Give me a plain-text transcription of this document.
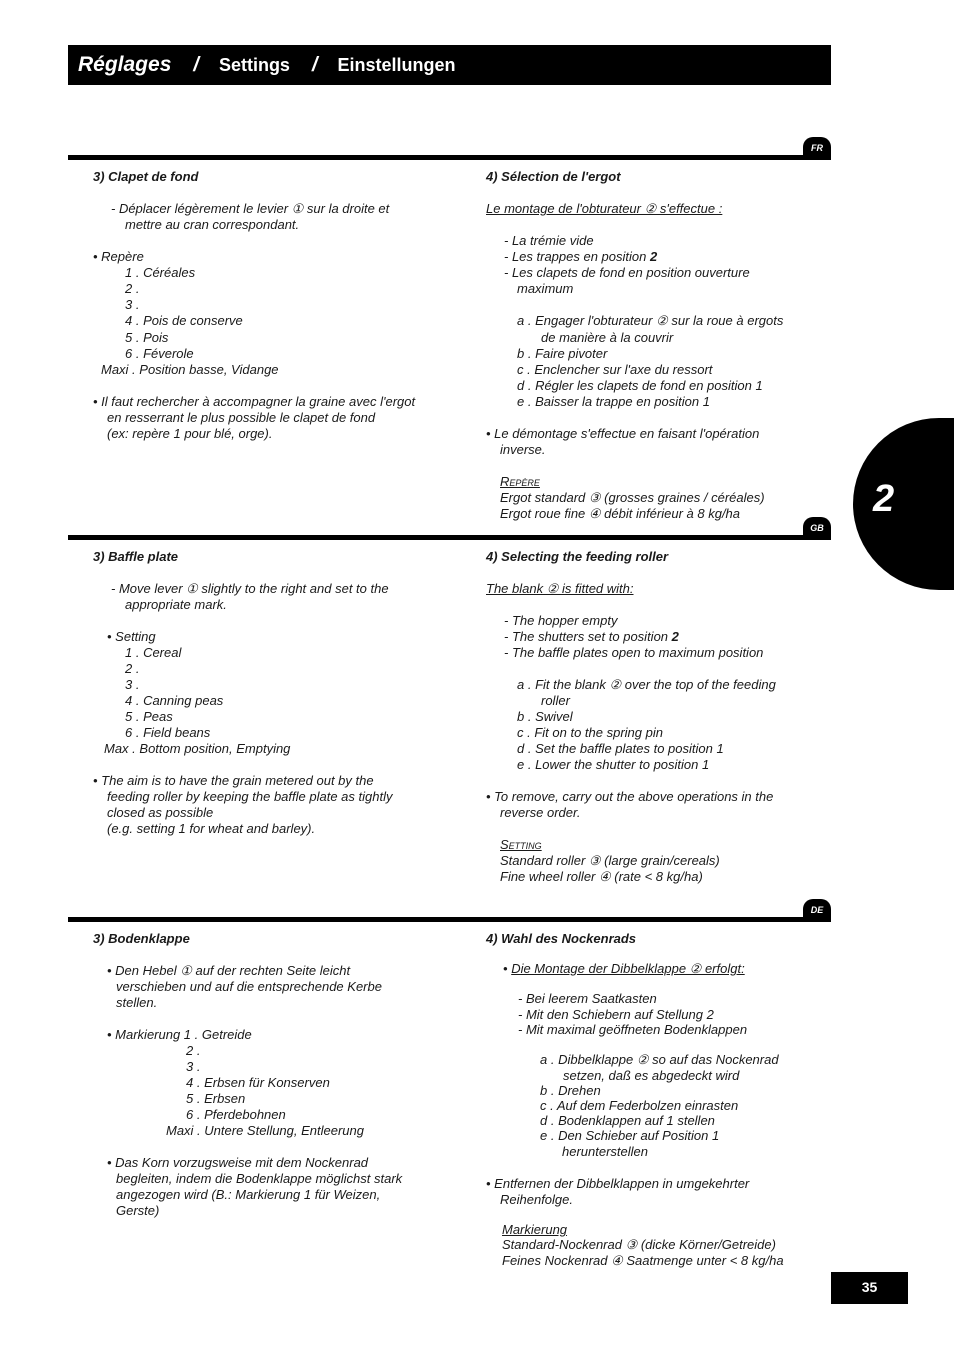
Réglages / Settings / Einstellungen
FR
3) Clapet de fond
- Déplacer légèrement le levier ① sur la droite et
mettre au cran correspondant.
• Repère
1 . Céréales
2 .
3 .
4 . Pois de conserve
5 . Pois
6 . Féverole
Maxi . Position basse, Vidange
• Il faut rechercher à accompagner la graine avec l'ergot
en resserrant le plus possible le clapet de fond
(ex: repère 1 pour blé, orge).
4) Sélection de l'ergot
Le montage de l'obturateur ② s'effectue :
- La trémie vide
- Les trappes en position 2
- Les clapets de fond en position ouverture
maximum
a . Engager l'obturateur ② sur la roue à ergots
de manière à la couvrir
b . Faire pivoter
c . Enclencher sur l'axe du ressort
d . Régler les clapets de fond en position 1
e . Baisser la trappe en position 1
• Le démontage s'effectue en faisant l'opération
inverse.
Repère
Ergot standard ③ (grosses graines / céréales)
Ergot roue fine ④ débit inférieur à 8 kg/ha	2
GB
3) Baffle plate
- Move lever ① slightly to the right and set to the
appropriate mark.
• Setting
1 . Cereal
2 .
3 .
4 . Canning peas
5 . Peas
6 . Field beans
Max . Bottom position, Emptying
• The aim is to have the grain metered out by the
feeding roller by keeping the baffle plate as tightly
closed as possible
(e.g. setting 1 for wheat and barley).
4) Selecting the feeding roller
The blank ② is fitted with:
- The hopper empty
- The shutters set to position 2
- The baffle plates open to maximum position
a . Fit the blank ② over the top of the feeding
roller
b . Swivel
c . Fit on to the spring pin
d . Set the baffle plates to position 1
e . Lower the shutter to position 1
• To remove, carry out the above operations in the
reverse order.
Setting
Standard roller ③ (large grain/cereals)
Fine wheel roller ④ (rate < 8 kg/ha)
DE
3) Bodenklappe
• Den Hebel ① auf der rechten Seite leicht
verschieben und auf die entsprechende Kerbe
stellen.
• Markierung 1 . Getreide
2 .
3 .
4 . Erbsen für Konserven
5 . Erbsen
6 . Pferdebohnen
Maxi . Untere Stellung, Entleerung
• Das Korn vorzugsweise mit dem Nockenrad
begleiten, indem die Bodenklappe möglichst stark
angezogen wird (B.: Markierung 1 für Weizen,
Gerste)
4) Wahl des Nockenrads
• Die Montage der Dibbelklappe ② erfolgt:
- Bei leerem Saatkasten
- Mit den Schiebern auf Stellung 2
- Mit maximal geöffneten Bodenklappen
a . Dibbelklappe ② so auf das Nockenrad
setzen, daß es abgedeckt wird
b . Drehen
c . Auf dem Federbolzen einrasten
d . Bodenklappen auf 1 stellen
e . Den Schieber auf Position 1
herunterstellen
• Entfernen der Dibbelklappen in umgekehrter
Reihenfolge.
Markierung
Standard-Nockenrad ③ (dicke Körner/Getreide)
Feines Nockenrad ④ Saatmenge unter < 8 kg/ha
35
